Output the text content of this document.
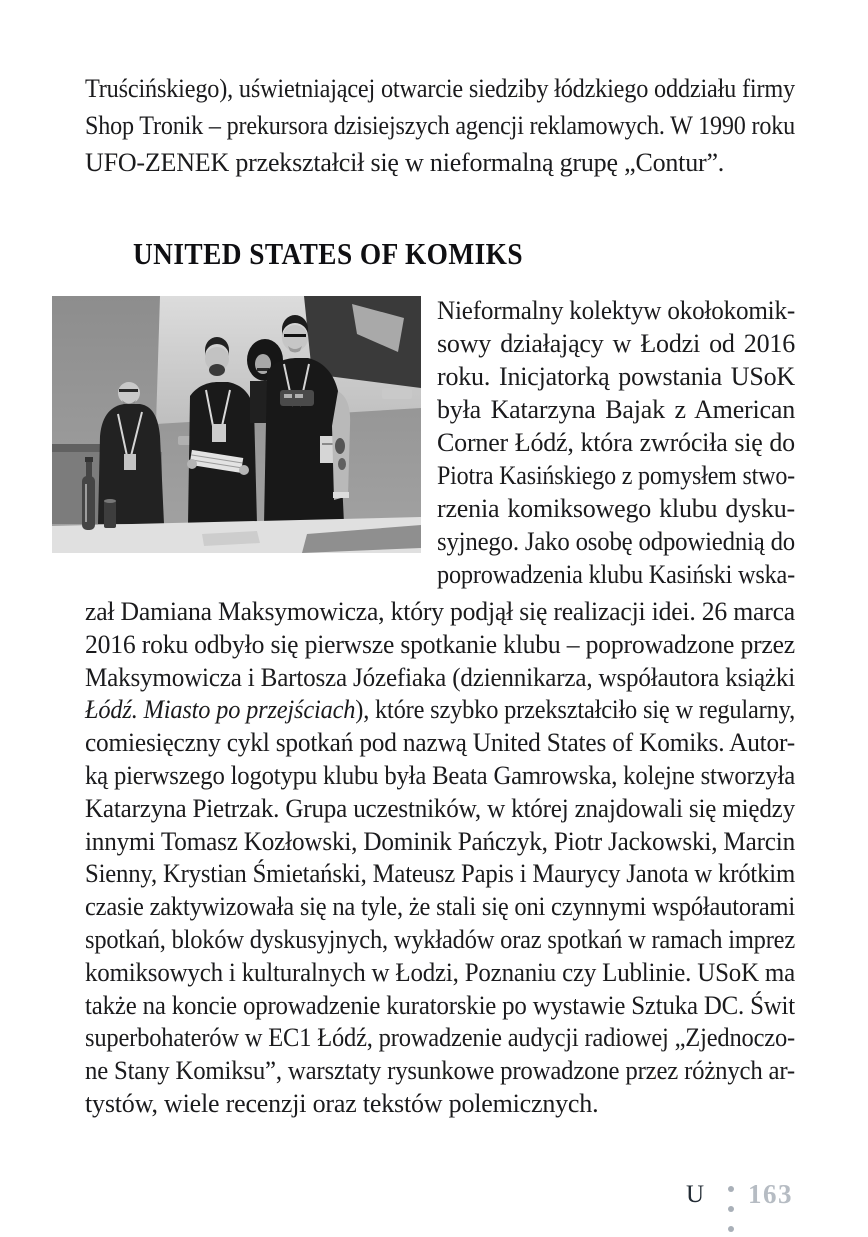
Truścińskiego), uświetniającej otwarcie siedziby łódzkiego oddziału firmy
Shop Tronik – prekursora dzisiejszych agencji reklamowych. W 1990 roku
UFO-ZENEK przekształcił się w nieformalną grupę „Contur”.
UNITED STATES OF KOMIKS
Nieformalny kolektyw okołokomik-
sowy działający w Łodzi od 2016
roku. Inicjatorką powstania USoK
była Katarzyna Bajak z American
Corner Łódź, która zwróciła się do
Piotra Kasińskiego z pomysłem stwo-
rzenia komiksowego klubu dysku-
syjnego. Jako osobę odpowiednią do
poprowadzenia klubu Kasiński wska-
zał Damiana Maksymowicza, który podjął się realizacji idei. 26 marca
2016 roku odbyło się pierwsze spotkanie klubu – poprowadzone przez
Maksymowicza i Bartosza Józefiaka (dziennikarza, współautora książki
Łódź. Miasto po przejściach), które szybko przekształciło się w regularny,
comiesięczny cykl spotkań pod nazwą United States of Komiks. Autor-
ką pierwszego logotypu klubu była Beata Gamrowska, kolejne stworzyła
Katarzyna Pietrzak. Grupa uczestników, w której znajdowali się między
innymi Tomasz Kozłowski, Dominik Pańczyk, Piotr Jackowski, Marcin
Sienny, Krystian Śmietański, Mateusz Papis i Maurycy Janota w krótkim
czasie zaktywizowała się na tyle, że stali się oni czynnymi współautorami
spotkań, bloków dyskusyjnych, wykładów oraz spotkań w ramach imprez
komiksowych i kulturalnych w Łodzi, Poznaniu czy Lublinie. USoK ma
także na koncie oprowadzenie kuratorskie po wystawie Sztuka DC. Świt
superbohaterów w EC1 Łódź, prowadzenie audycji radiowej „Zjednoczo-
ne Stany Komiksu”, warsztaty rysunkowe prowadzone przez różnych ar-
tystów, wiele recenzji oraz tekstów polemicznych.
U 163
